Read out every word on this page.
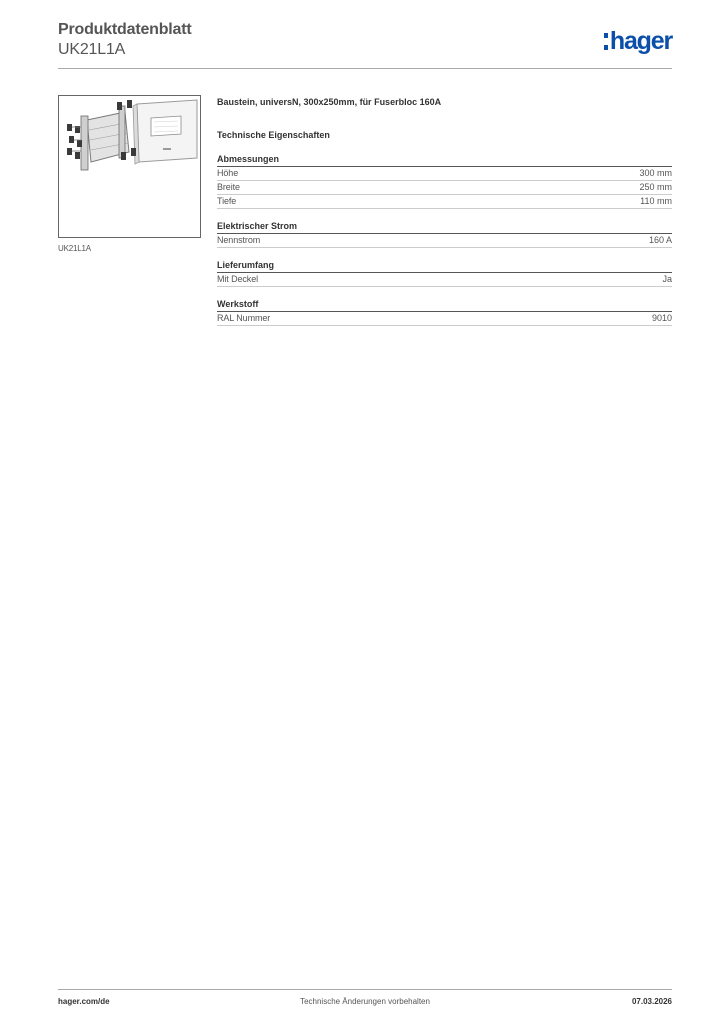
Produktdatenblatt
UK21L1A	hager
UK21L1A
Baustein, universN, 300x250mm, für Fuserbloc 160A
Technische Eigenschaften
Abmessungen
Höhe	300 mm
Breite	250 mm
Tiefe	110 mm
Elektrischer Strom
Nennstrom	160 A
Lieferumfang
Mit Deckel	Ja
Werkstoff
RAL Nummer	9010
hager.com/de	Technische Änderungen vorbehalten	07.03.2026
